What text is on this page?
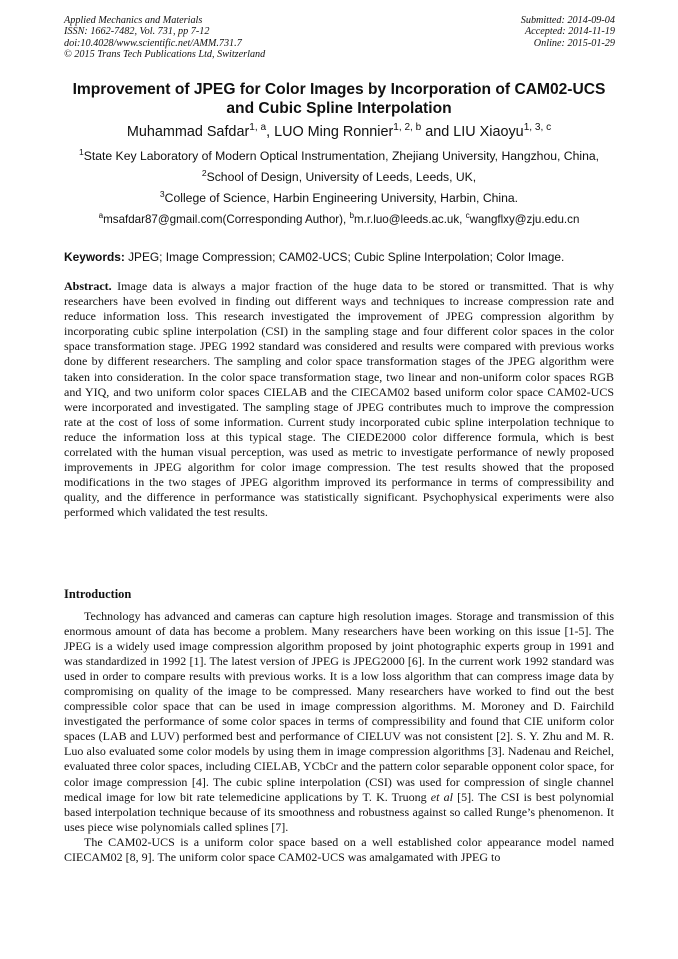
Applied Mechanics and Materials
ISSN: 1662-7482, Vol. 731, pp 7-12
doi:10.4028/www.scientific.net/AMM.731.7
© 2015 Trans Tech Publications Ltd, Switzerland
Submitted: 2014-09-04
Accepted: 2014-11-19
Online: 2015-01-29
Improvement of JPEG for Color Images by Incorporation of CAM02-UCS
and Cubic Spline Interpolation
Muhammad Safdar$^{1, a}$, LUO Ming Ronnier$^{1, 2, b}$ and LIU Xiaoyu$^{1, 3, c}$
$^1$State Key Laboratory of Modern Optical Instrumentation, Zhejiang University, Hangzhou, China,
$^2$School of Design, University of Leeds, Leeds, UK,
$^3$College of Science, Harbin Engineering University, Harbin, China.
$^a$msafdar87@gmail.com(Corresponding Author), $^b$m.r.luo@leeds.ac.uk, $^c$wangflxy@zju.edu.cn
Keywords: JPEG; Image Compression; CAM02-UCS; Cubic Spline Interpolation; Color Image.
Abstract. Image data is always a major fraction of the huge data to be stored or transmitted. That is why researchers have been evolved in finding out different ways and techniques to increase compression rate and reduce information loss. This research investigated the improvement of JPEG compression algorithm by incorporating cubic spline interpolation (CSI) in the sampling stage and four different color spaces in the color space transformation stage. JPEG 1992 standard was considered and results were compared with previous works done by different researchers. The sampling and color space transformation stages of the JPEG algorithm were taken into consideration. In the color space transformation stage, two linear and non-uniform color spaces RGB and YIQ, and two uniform color spaces CIELAB and the CIECAM02 based uniform color space CAM02-UCS were incorporated and investigated. The sampling stage of JPEG contributes much to improve the compression rate at the cost of loss of some information. Current study incorporated cubic spline interpolation technique to reduce the information loss at this typical stage. The CIEDE2000 color difference formula, which is best correlated with the human visual perception, was used as metric to investigate performance of newly proposed improvements in JPEG algorithm for color image compression. The test results showed that the proposed modifications in the two stages of JPEG algorithm improved its performance in terms of compressibility and quality, and the difference in performance was statistically significant. Psychophysical experiments were also performed which validated the test results.
Introduction

Technology has advanced and cameras can capture high resolution images. Storage and transmission of this enormous amount of data has become a problem. Many researchers have been working on this issue [1-5]. The JPEG is a widely used image compression algorithm proposed by joint photographic experts group in 1991 and was standardized in 1992 [1]. The latest version of JPEG is JPEG2000 [6]. In the current work 1992 standard was used in order to compare results with previous works. It is a low loss algorithm that can compress image data by compromising on quality of the image to be compressed. Many researchers have worked to find out the best compressible color space that can be used in image compression algorithms. M. Moroney and D. Fairchild investigated the performance of some color spaces in terms of compressibility and found that CIE uniform color spaces (LAB and LUV) performed best and performance of CIELUV was not consistent [2]. S. Y. Zhu and M. R. Luo also evaluated some color models by using them in image compression algorithms [3]. Nadenau and Reichel, evaluated three color spaces, including CIELAB, YCbCr and the pattern color separable opponent color space, for color image compression [4]. The cubic spline interpolation (CSI) was used for compression of single channel medical image for low bit rate telemedicine applications by T. K. Truong et al [5]. The CSI is best polynomial based interpolation technique because of its smoothness and robustness against so called Runge’s phenomenon. It uses piece wise polynomials called splines [7].

The CAM02-UCS is a uniform color space based on a well established color appearance model named CIECAM02 [8, 9]. The uniform color space CAM02-UCS was amalgamated with JPEG to
